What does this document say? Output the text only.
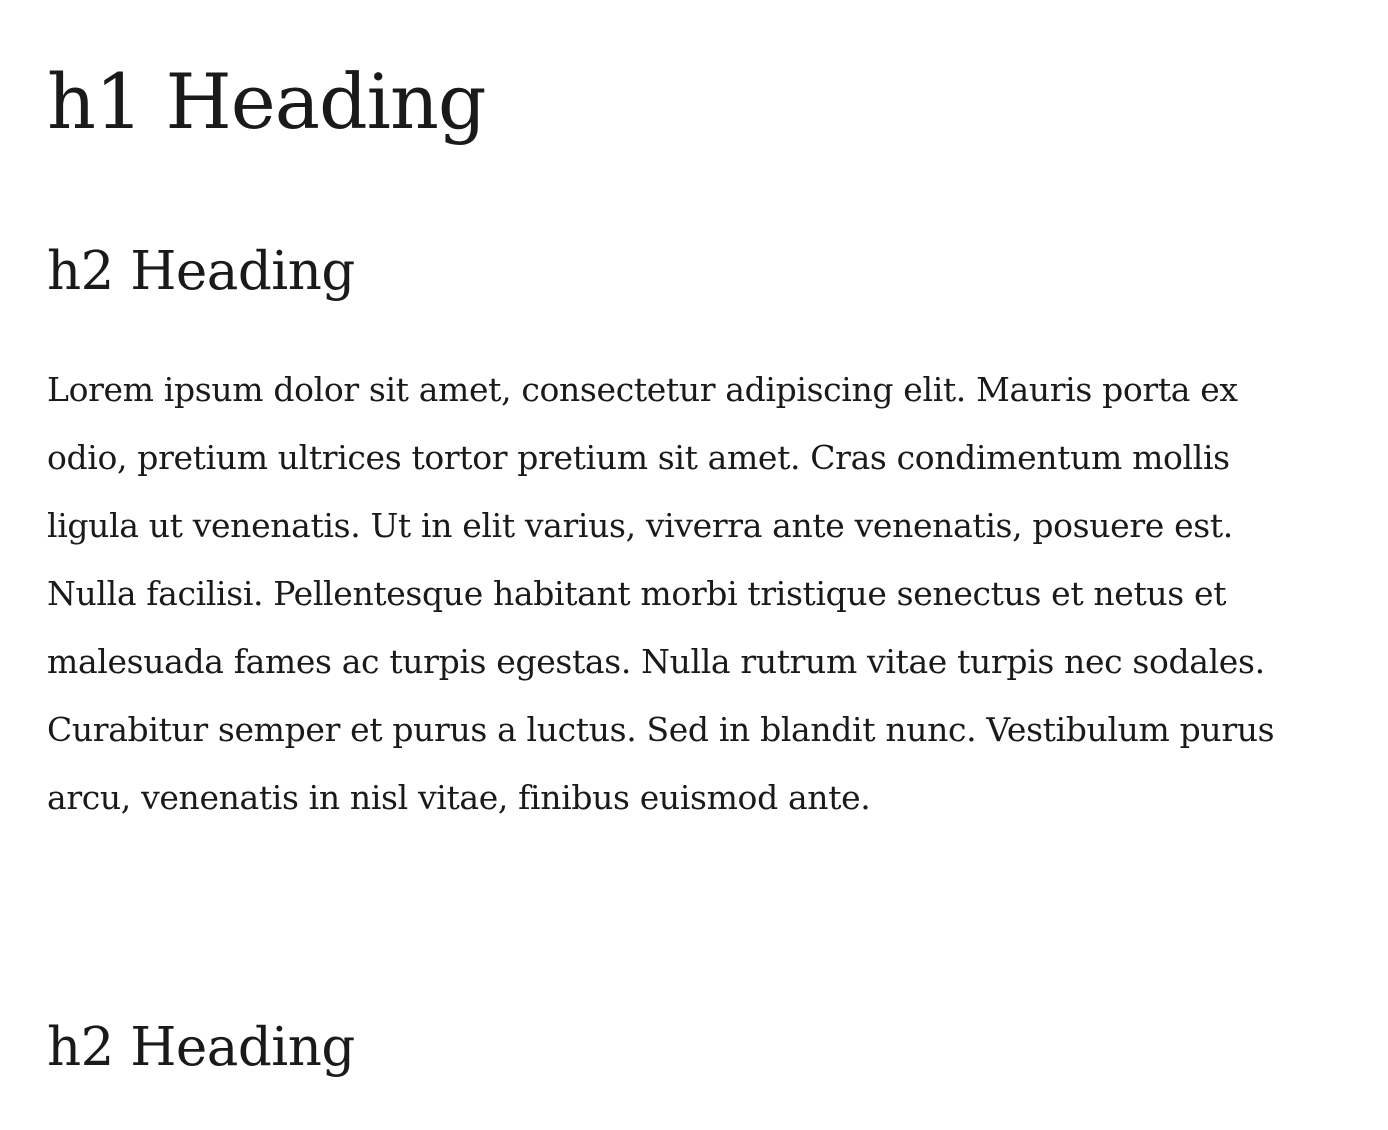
h1 Heading
h2 Heading

Lorem ipsum dolor sit amet, consectetur adipiscing elit. Mauris porta ex
odio, pretium ultrices tortor pretium sit amet. Cras condimentum mollis
ligula ut venenatis. Ut in elit varius, viverra ante venenatis, posuere est.
Nulla facilisi. Pellentesque habitant morbi tristique senectus et netus et
malesuada fames ac turpis egestas. Nulla rutrum vitae turpis nec sodales.
Curabitur semper et purus a luctus. Sed in blandit nunc. Vestibulum purus
arcu, venenatis in nisl vitae, finibus euismod ante.

h2 Heading
